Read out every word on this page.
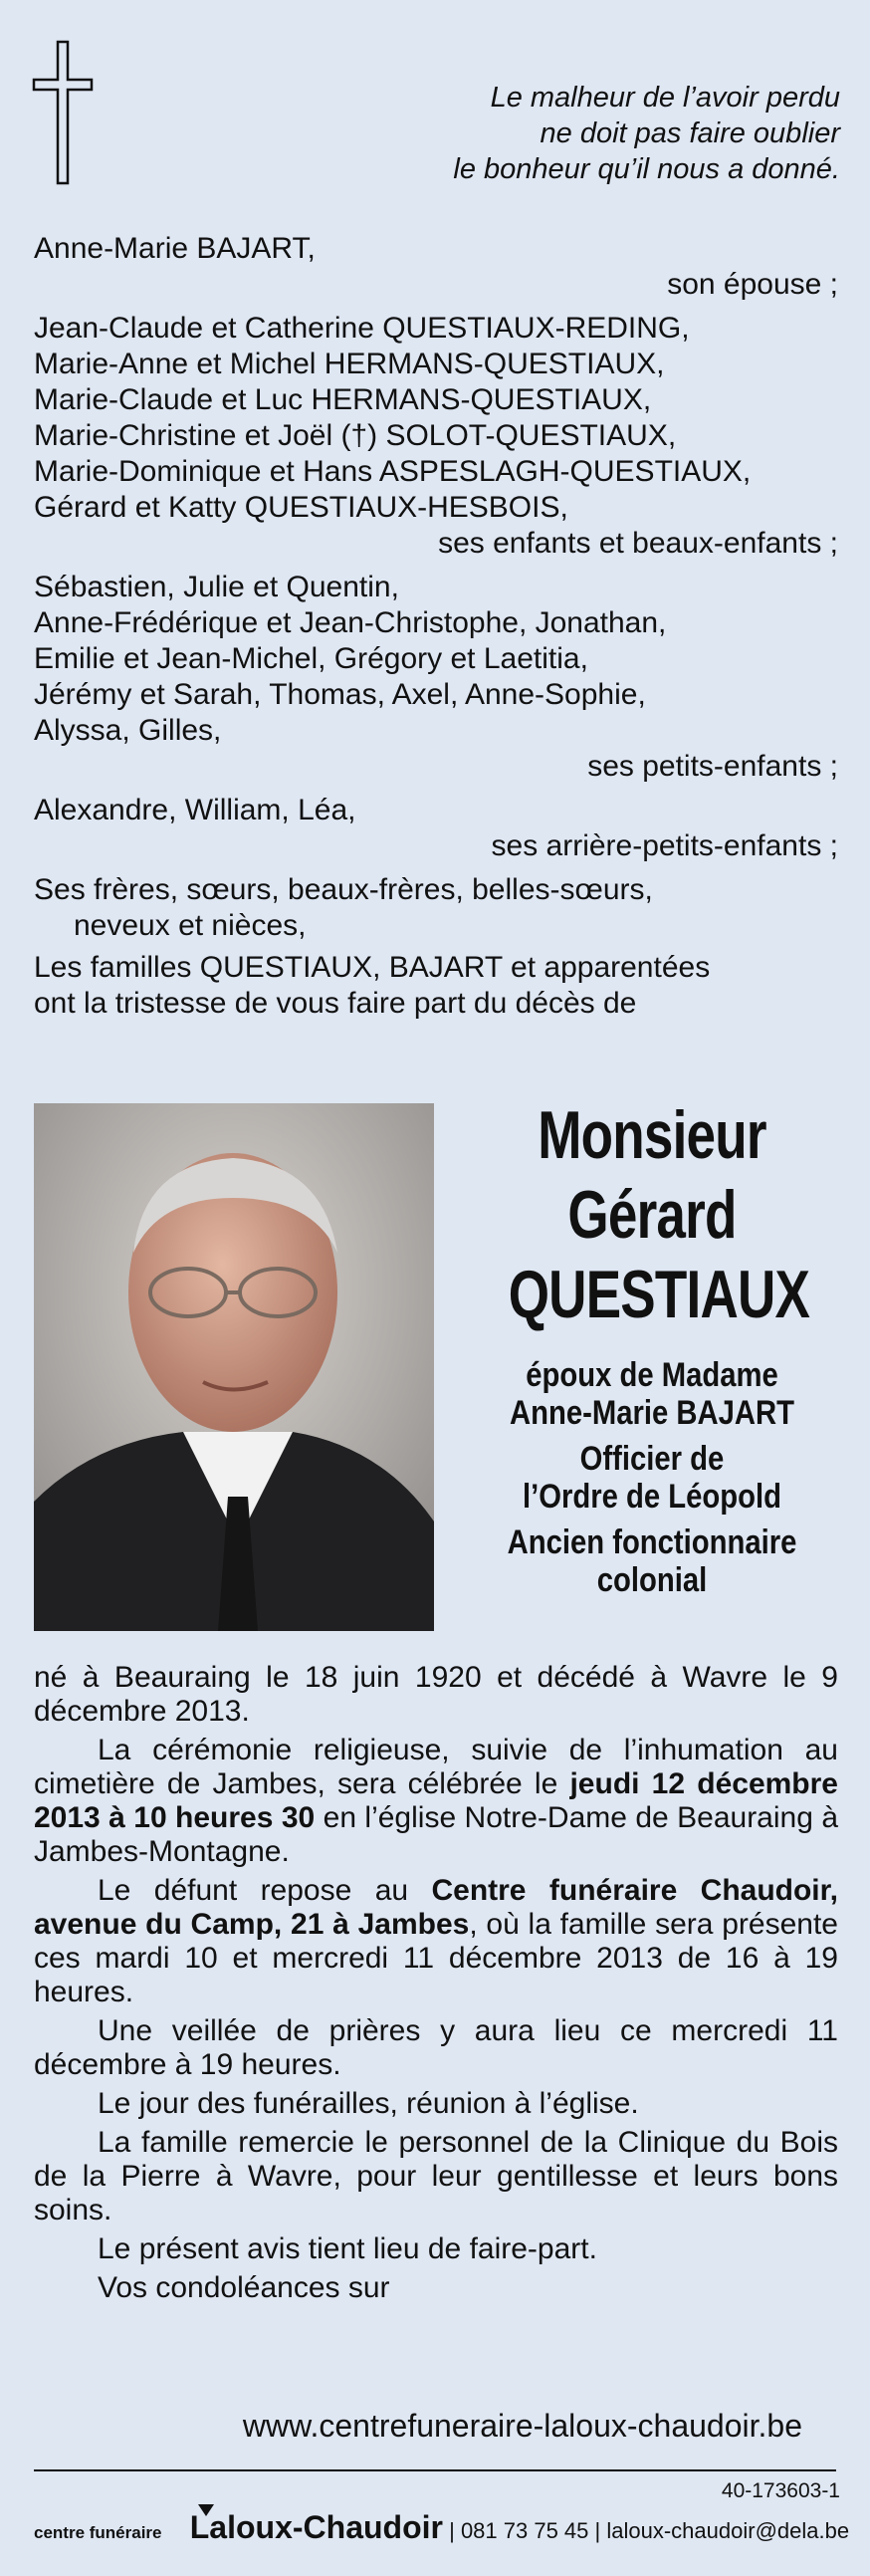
Le malheur de l’avoir perdu
ne doit pas faire oublier
le bonheur qu’il nous a donné.
Anne-Marie BAJART,
son épouse ;
Jean-Claude et Catherine QUESTIAUX-REDING,
Marie-Anne et Michel HERMANS-QUESTIAUX,
Marie-Claude et Luc HERMANS-QUESTIAUX,
Marie-Christine et Joël (†) SOLOT-QUESTIAUX,
Marie-Dominique et Hans ASPESLAGH-QUESTIAUX,
Gérard et Katty QUESTIAUX-HESBOIS,
ses enfants et beaux-enfants ;
Sébastien, Julie et Quentin,
Anne-Frédérique et Jean-Christophe, Jonathan,
Emilie et Jean-Michel, Grégory et Laetitia,
Jérémy et Sarah, Thomas, Axel, Anne-Sophie,
Alyssa, Gilles,
ses petits-enfants ;
Alexandre, William, Léa,
ses arrière-petits-enfants ;
Ses frères, sœurs, beaux-frères, belles-sœurs,
neveux et nièces,
Les familles QUESTIAUX, BAJART et apparentées
ont la tristesse de vous faire part du décès de
Monsieur
Gérard
QUESTIAUX
époux de Madame
Anne-Marie BAJART
Officier de
l’Ordre de Léopold
Ancien fonctionnaire
colonial

né à Beauraing le 18 juin 1920 et décédé à Wavre le 9 décembre 2013.

La cérémonie religieuse, suivie de l’inhumation au cimetière de Jambes, sera célébrée le jeudi 12 décembre 2013 à 10 heures 30 en l’église Notre-Dame de Beauraing à Jambes-Montagne.

Le défunt repose au Centre funéraire Chaudoir, avenue du Camp, 21 à Jambes, où la famille sera présente ces mardi 10 et mercredi 11 décembre 2013 de 16 à 19 heures.

Une veillée de prières y aura lieu ce mercredi 11 décembre à 19 heures.

Le jour des funérailles, réunion à l’église.

La famille remercie le personnel de la Clinique du Bois de la Pierre à Wavre, pour leur gentillesse et leurs bons soins.

Le présent avis tient lieu de faire-part.

Vos condoléances sur

www.centrefuneraire-laloux-chaudoir.be
40-173603-1
centre funéraire Laloux-Chaudoir | 081 73 75 45 | laloux-chaudoir@dela.be
